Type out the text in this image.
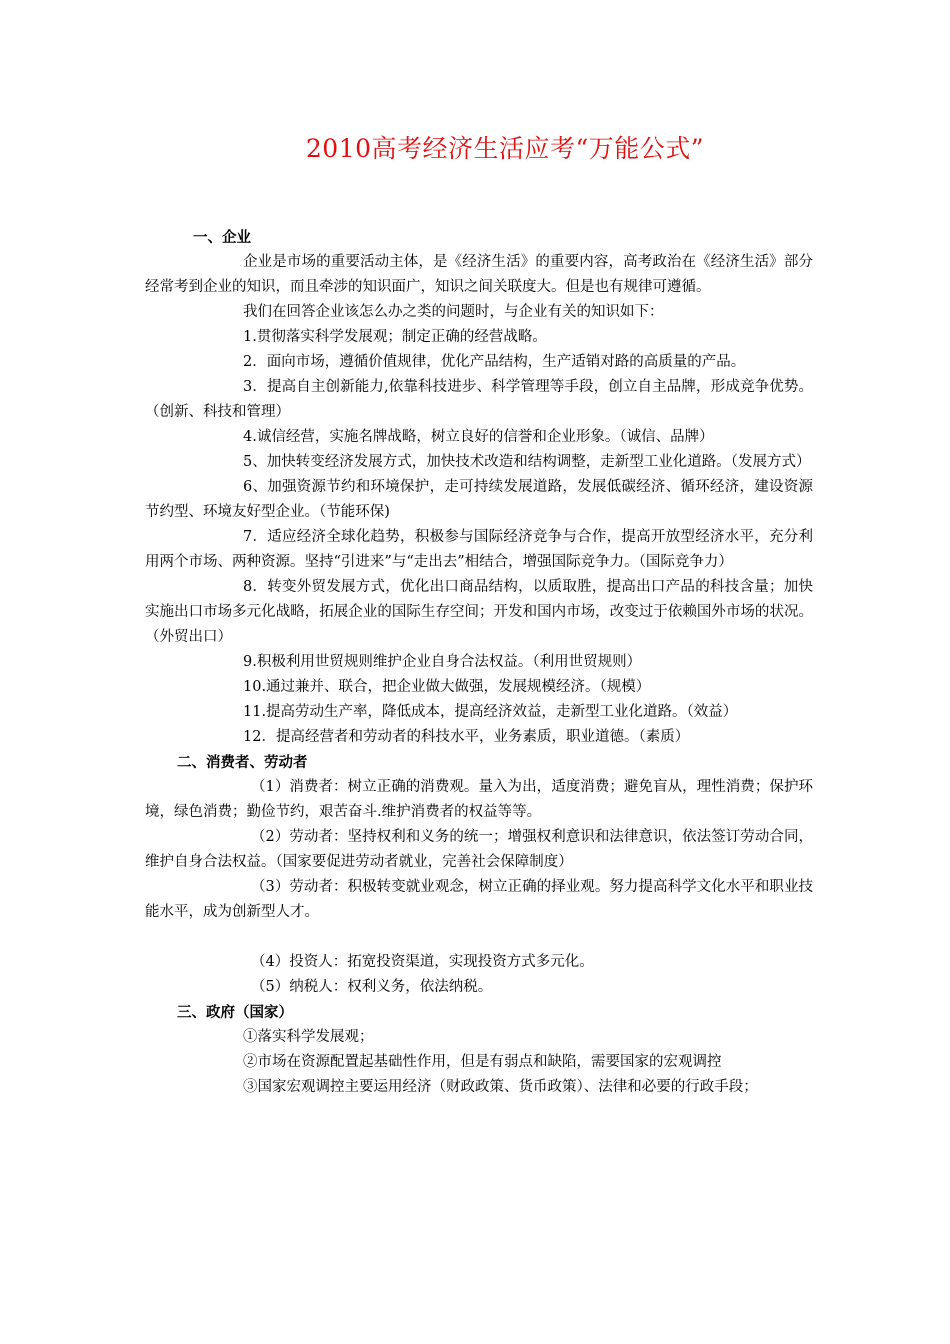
2010高考经济生活应考“万能公式”

一、企业

企业是市场的重要活动主体，是《经济生活》的重要内容，高考政治在《经济生活》部分经常考到企业的知识，而且牵涉的知识面广，知识之间关联度大。但是也有规律可遵循。

我们在回答企业该怎么办之类的问题时，与企业有关的知识如下：

1.贯彻落实科学发展观；制定正确的经营战略。

2．面向市场，遵循价值规律，优化产品结构，生产适销对路的高质量的产品。

3．提高自主创新能力,依靠科技进步、科学管理等手段，创立自主品牌，形成竞争优势。（创新、科技和管理）

4.诚信经营，实施名牌战略，树立良好的信誉和企业形象。（诚信、品牌）

5、加快转变经济发展方式，加快技术改造和结构调整，走新型工业化道路。（发展方式）

6、加强资源节约和环境保护，走可持续发展道路，发展低碳经济、循环经济，建设资源节约型、环境友好型企业。（节能环保)

7．适应经济全球化趋势，积极参与国际经济竞争与合作，提高开放型经济水平，充分利用两个市场、两种资源。坚持“引进来”与“走出去”相结合，增强国际竞争力。（国际竞争力）

8．转变外贸发展方式，优化出口商品结构，以质取胜，提高出口产品的科技含量；加快实施出口市场多元化战略，拓展企业的国际生存空间；开发和国内市场，改变过于依赖国外市场的状况。（外贸出口）

9.积极利用世贸规则维护企业自身合法权益。（利用世贸规则）

10.通过兼并、联合，把企业做大做强，发展规模经济。（规模）

11.提高劳动生产率，降低成本，提高经济效益，走新型工业化道路。（效益）

12．提高经营者和劳动者的科技水平，业务素质，职业道德。（素质）

二、消费者、劳动者

（1）消费者：树立正确的消费观。量入为出，适度消费；避免盲从，理性消费；保护环境，绿色消费；勤俭节约，艰苦奋斗.维护消费者的权益等等。

（2）劳动者：坚持权利和义务的统一；增强权利意识和法律意识，依法签订劳动合同，维护自身合法权益。（国家要促进劳动者就业，完善社会保障制度）

（3）劳动者：积极转变就业观念，树立正确的择业观。努力提高科学文化水平和职业技能水平，成为创新型人才。

（4）投资人：拓宽投资渠道，实现投资方式多元化。

（5）纳税人：权利义务，依法纳税。

三、政府（国家）

①落实科学发展观；

②市场在资源配置起基础性作用，但是有弱点和缺陷，需要国家的宏观调控

③国家宏观调控主要运用经济（财政政策、货币政策）、法律和必要的行政手段；
